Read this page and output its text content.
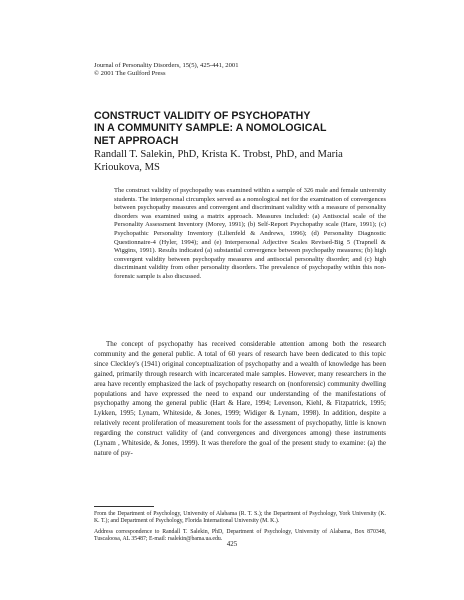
Journal of Personality Disorders, 15(5), 425-441, 2001
© 2001 The Guilford Press
CONSTRUCT VALIDITY OF PSYCHOPATHY
IN A COMMUNITY SAMPLE: A NOMOLOGICAL
NET APPROACH
Randall T. Salekin, PhD, Krista K. Trobst, PhD, and Maria
Krioukova, MS

The construct validity of psychopathy was examined within a sample of 326 male and female university students. The interpersonal circumplex served as a nomological net for the examination of convergences between psychopathy measures and convergent and discriminant validity with a measure of personality disorders was examined using a matrix approach. Measures included: (a) Antisocial scale of the Personality Assessment Inventory (Morey, 1991); (b) Self-Report Psychopathy scale (Hare, 1991); (c) Psychopathic Personality Inventory (Lilienfeld & Andrews, 1996); (d) Personality Diagnostic Questionnaire-4 (Hyler, 1994); and (e) Interpersonal Adjective Scales Revised-Big 5 (Trapnell & Wiggins, 1991). Results indicated (a) substantial convergence between psychopathy measures; (b) high convergent validity between psychopathy measures and antisocial personality disorder; and (c) high discriminant validity from other personality disorders. The prevalence of psychopathy within this non-forensic sample is also discussed.

The concept of psychopathy has received considerable attention among both the research community and the general public. A total of 60 years of research have been dedicated to this topic since Cleckley's (1941) original conceptualization of psychopathy and a wealth of knowledge has been gained, primarily through research with incarcerated male samples. However, many researchers in the area have recently emphasized the lack of psychopathy research on (nonforensic) community dwelling populations and have expressed the need to expand our understanding of the manifestations of psychopathy among the general public (Hart & Hare, 1994; Levenson, Kiehl, & Fitzpatrick, 1995; Lykken, 1995; Lynam, Whiteside, & Jones, 1999; Widiger & Lynam, 1998). In addition, despite a relatively recent proliferation of measurement tools for the assessment of psychopathy, little is known regarding the construct validity of (and convergences and divergences among) these instruments (Lynam , Whiteside, & Jones, 1999). It was therefore the goal of the present study to examine: (a) the nature of psy-

From the Department of Psychology, University of Alabama (R. T. S.); the Department of Psychology, York University (K. K. T.); and Department of Psychology, Florida International University (M. K.).

Address correspondence to Randall T. Salekin, PhD, Department of Psychology, University of Alabama, Box 870348, Tuscaloosa, AL 35487; E-mail: rsalekin@bama.ua.edu.

425
